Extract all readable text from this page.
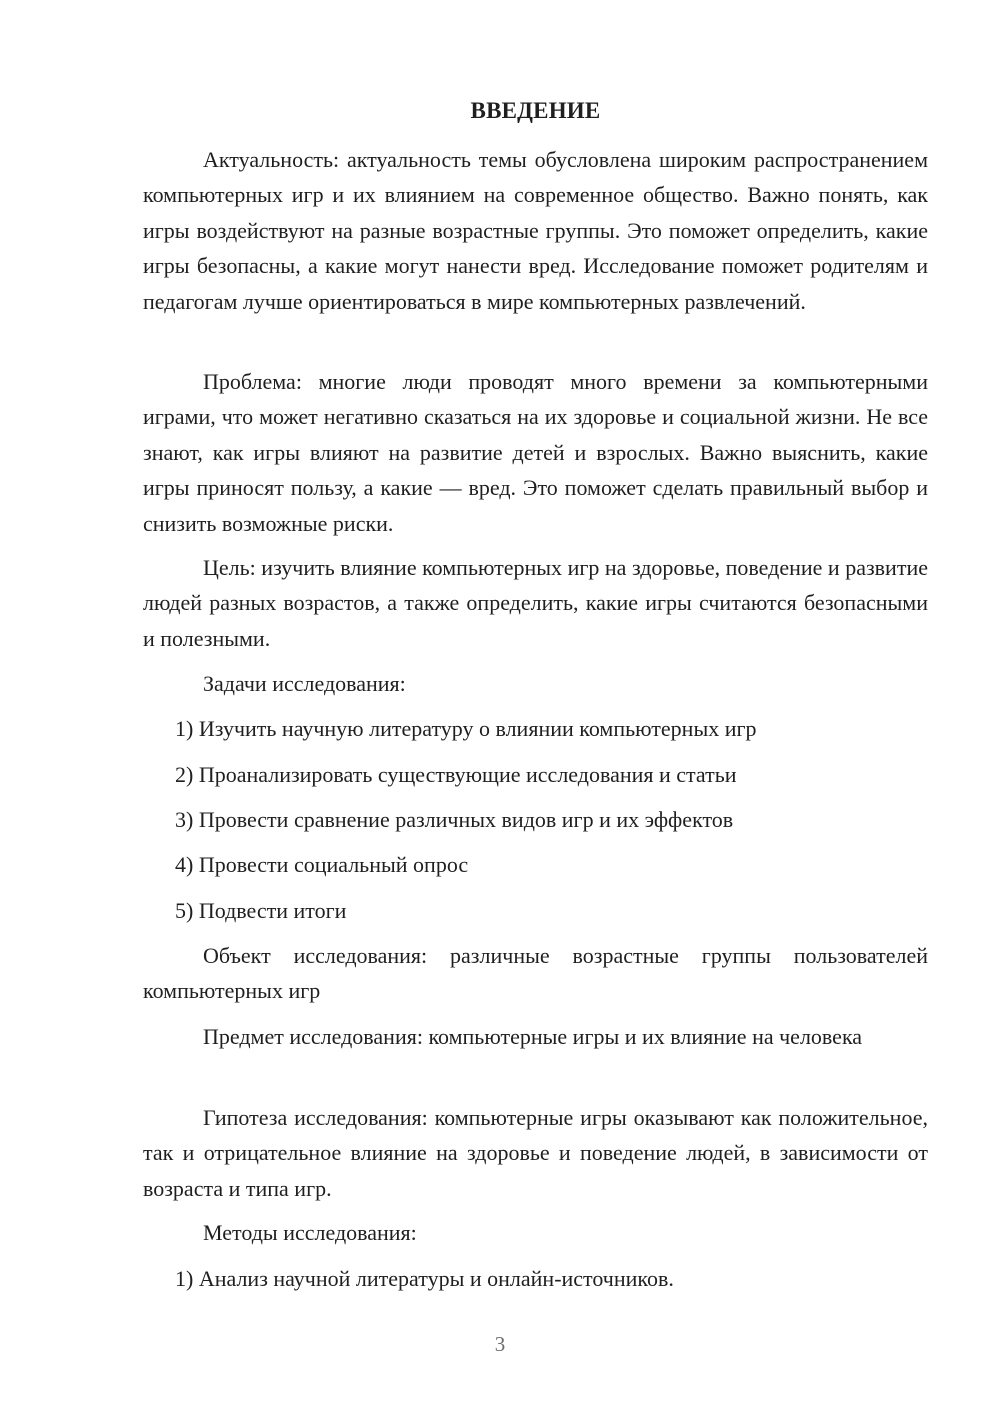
ВВЕДЕНИЕ

Актуальность: актуальность темы обусловлена широким распространением компьютерных игр и их влиянием на современное общество. Важно понять, как игры воздействуют на разные возрастные группы. Это поможет определить, какие игры безопасны, а какие могут нанести вред. Исследование поможет родителям и педагогам лучше ориентироваться в мире компьютерных развлечений.

Проблема: многие люди проводят много времени за компьютерными играми, что может негативно сказаться на их здоровье и социальной жизни. Не все знают, как игры влияют на развитие детей и взрослых. Важно выяснить, какие игры приносят пользу, а какие — вред. Это поможет сделать правильный выбор и снизить возможные риски.

Цель: изучить влияние компьютерных игр на здоровье, поведение и развитие людей разных возрастов, а также определить, какие игры считаются безопасными и полезными.

Задачи исследования:
1) Изучить научную литературу о влиянии компьютерных игр
2) Проанализировать существующие исследования и статьи
3) Провести сравнение различных видов игр и их эффектов
4) Провести социальный опрос
5) Подвести итоги

Объект исследования: различные возрастные группы пользователей компьютерных игр

Предмет исследования: компьютерные игры и их влияние на человека

Гипотеза исследования: компьютерные игры оказывают как положительное, так и отрицательное влияние на здоровье и поведение людей, в зависимости от возраста и типа игр.

Методы исследования:
1) Анализ научной литературы и онлайн-источников.
3
